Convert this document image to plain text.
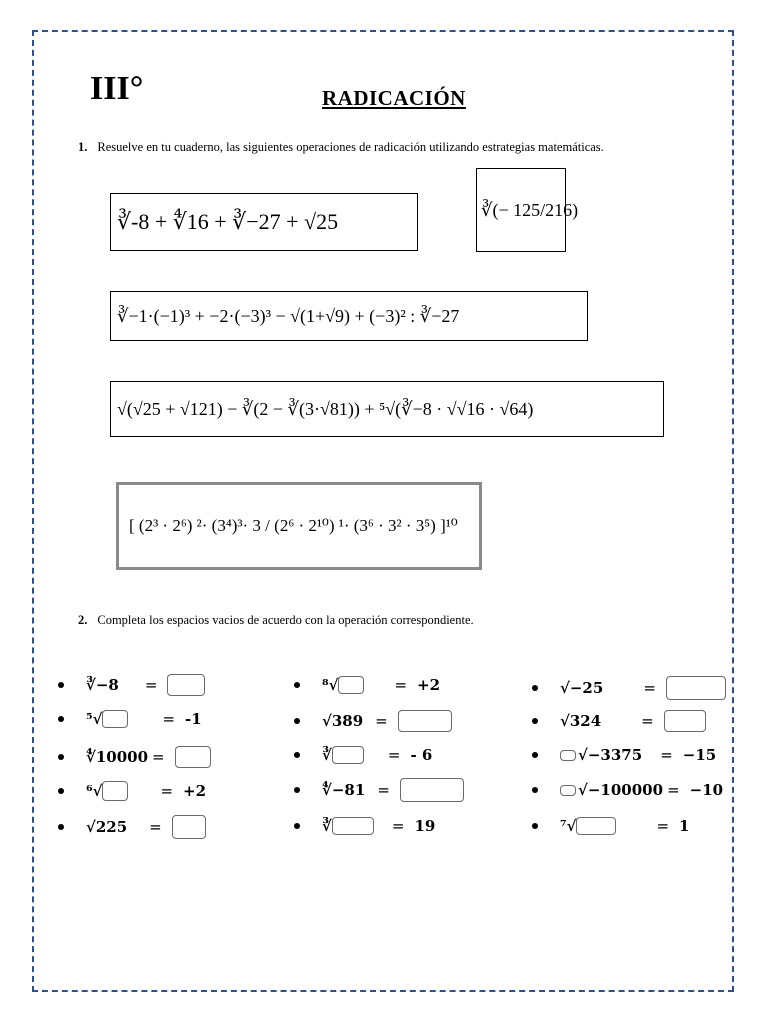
III°	RADICACIÓN
1. Resuelve en tu cuaderno, las siguientes operaciones de radicación utilizando estrategias matemáticas.
∛-8 + ∜16 + ∛−27 + √25	∛(− 125/216)
∛−1·(−1)³ + −2·(−3)³ − √(1+√9) + (−3)² : ∛−27
√(√25 + √121) − ∛(2 − ∛(3·√81)) + ⁵√(∛−8 · √√16 · √64)
[ (2³ · 2⁶) ²· (3⁴)³· 3 / (2⁶ · 2¹⁰) ¹· (3⁶ · 3² · 3⁵) ]¹⁰
2. Completa los espacios vacios de acuerdo con la operación correspondiente.
∛−8 =
⁵√	= -1
∜10000 =
⁶√	= +2
√225 =
⁸√	= +2
√389 =
∛	= - 6
∜−81 =
∛	= 19
√−25	=
√324	=
√−3375 = −15
√−100000 = −10
⁷√	= 1
